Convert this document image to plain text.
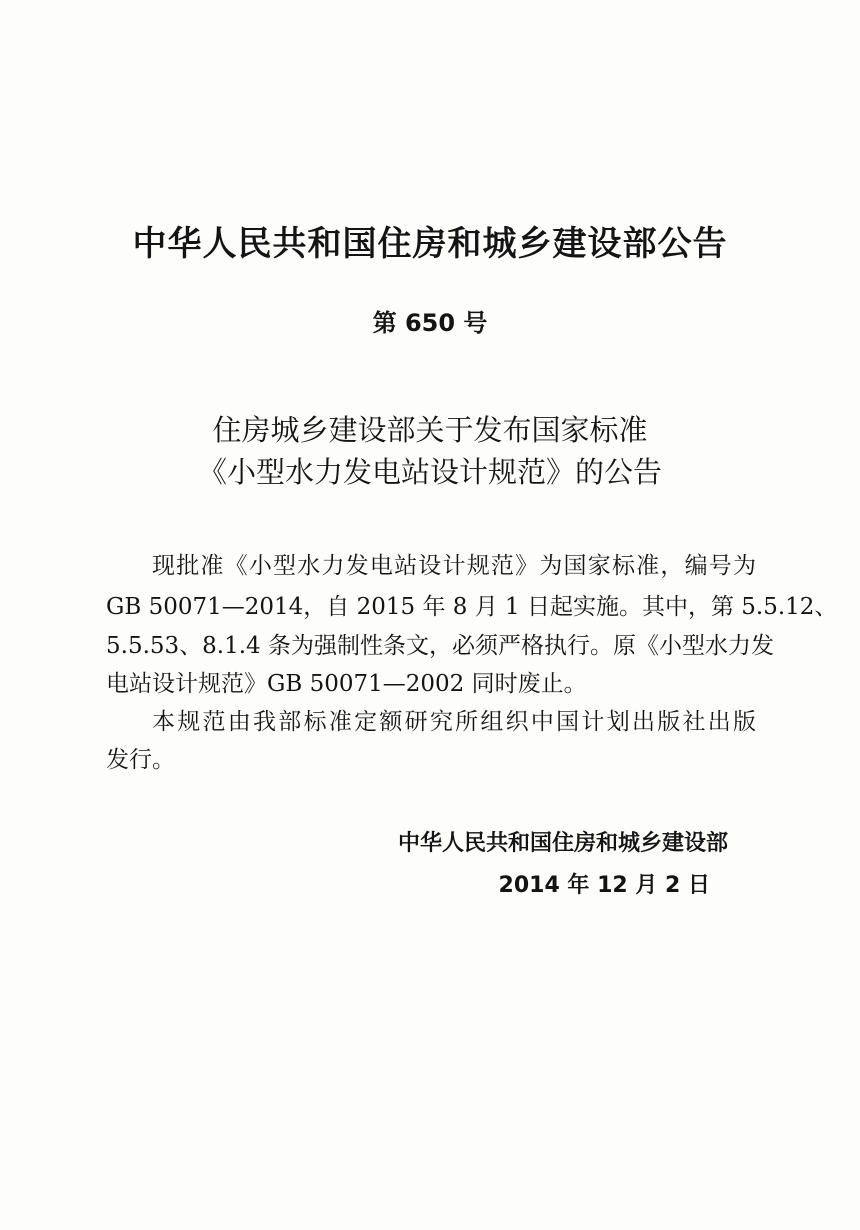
中华人民共和国住房和城乡建设部公告
第 650 号
住房城乡建设部关于发布国家标准
《小型水力发电站设计规范》的公告
现批准《小型水力发电站设计规范》为国家标准，编号为
GB 50071—2014，自 2015 年 8 月 1 日起实施。其中，第 5.5.12、
5.5.53、8.1.4 条为强制性条文，必须严格执行。原《小型水力发
电站设计规范》GB 50071—2002 同时废止。
本规范由我部标准定额研究所组织中国计划出版社出版
发行。
中华人民共和国住房和城乡建设部
2014 年 12 月 2 日
